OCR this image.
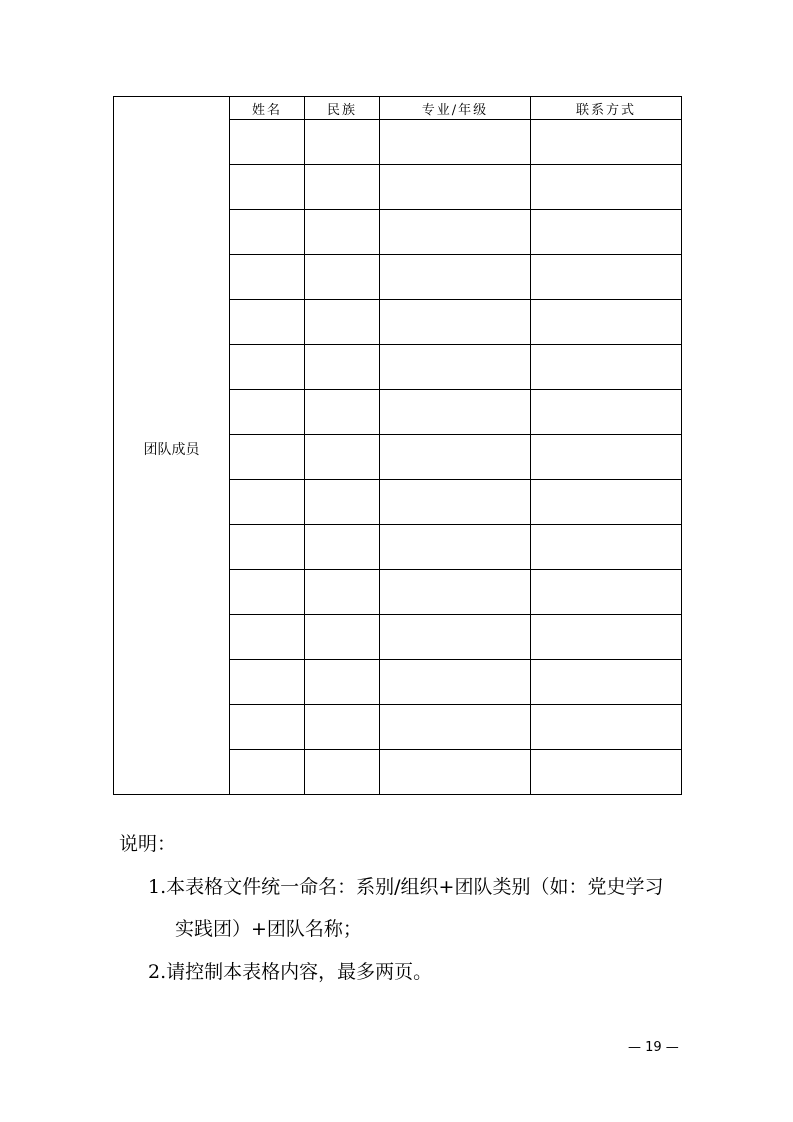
团队成员	姓名	民族	专业/年级	联系方式

说明：
1.本表格文件统一命名：系别/组织+团队类别（如：党史学习
实践团）+团队名称；
2.请控制本表格内容，最多两页。
— 19 —
